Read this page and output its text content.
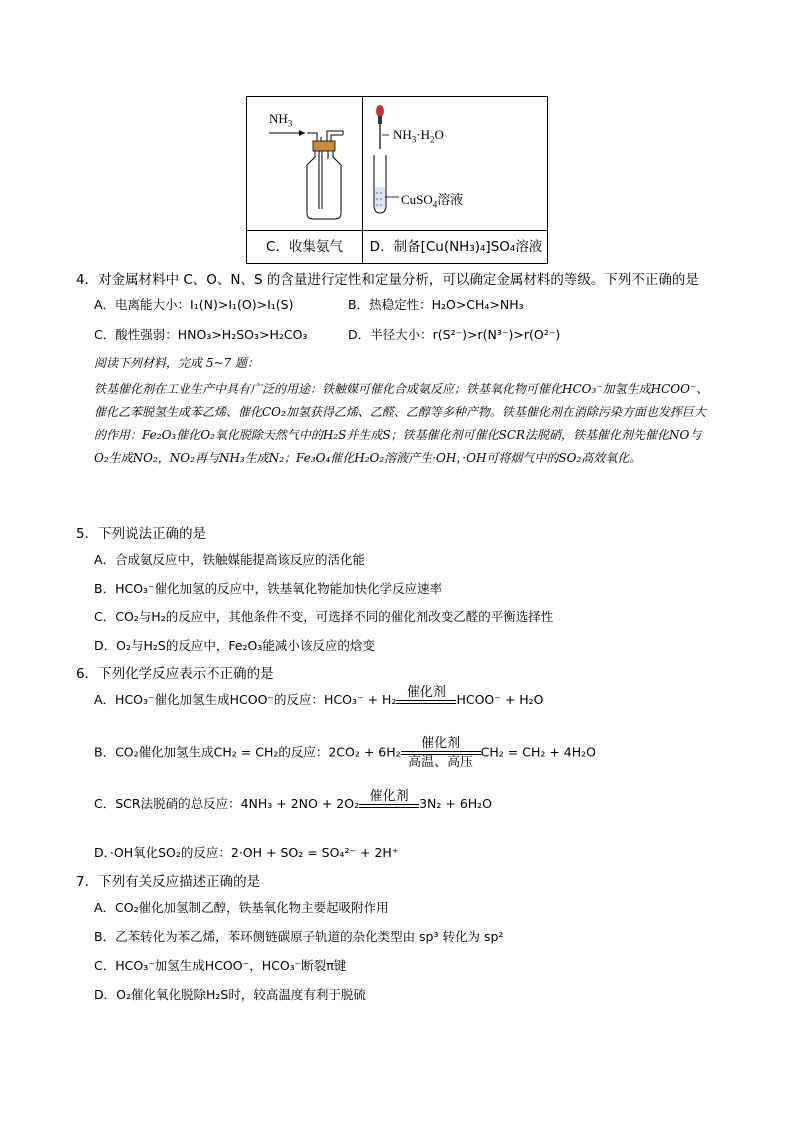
$NH_3$
C．收集氨气
$NH_3\cdot H_2O$
CuSO$_4$溶液
D．制备[Cu(NH₃)₄]SO₄溶液
4．对金属材料中 C、O、N、S 的含量进行定性和定量分析，可以确定金属材料的等级。下列不正确的是
A．电离能大小：I₁(N)>I₁(O)>I₁(S)	B．热稳定性：H₂O>CH₄>NH₃
C．酸性强弱：HNO₃>H₂SO₃>H₂CO₃	D．半径大小：r(S²⁻)>r(N³⁻)>r(O²⁻)
阅读下列材料，完成 5~7 题：
铁基催化剂在工业生产中具有广泛的用途：铁触媒可催化合成氨反应；铁基氧化物可催化HCO₃⁻加氢生成HCOO⁻、催化乙苯脱氢生成苯乙烯、催化CO₂加氢获得乙烯、乙醛、乙醇等多种产物。铁基催化剂在消除污染方面也发挥巨大的作用：Fe₂O₃催化O₂氧化脱除天然气中的H₂S并生成S；铁基催化剂可催化SCR法脱硝，铁基催化剂先催化NO与O₂生成NO₂，NO₂再与NH₃生成N₂；Fe₃O₄催化H₂O₂溶液产生·OH，·OH可将烟气中的SO₂高效氧化。
5．下列说法正确的是
A．合成氨反应中，铁触媒能提高该反应的活化能
B．HCO₃⁻催化加氢的反应中，铁基氧化物能加快化学反应速率
C．CO₂与H₂的反应中，其他条件不变，可选择不同的催化剂改变乙醛的平衡选择性
D．O₂与H₂S的反应中，Fe₂O₃能减小该反应的焓变
6．下列化学反应表示不正确的是
A．HCO₃⁻催化加氢生成HCOO⁻的反应：HCO₃⁻ + H₂ 催化剂 HCOO⁻ + H₂O
B．CO₂催化加氢生成CH₂ = CH₂的反应：2CO₂ + 6H₂
催化剂
高温、高压
CH₂ = CH₂ + 4H₂O
C．SCR法脱硝的总反应：4NH₃ + 2NO + 2O₂ 催化剂 3N₂ + 6H₂O
D．·OH氧化SO₂的反应：2·OH + SO₂ = SO₄²⁻ + 2H⁺
7．下列有关反应描述正确的是
A．CO₂催化加氢制乙醇，铁基氧化物主要起吸附作用
B．乙苯转化为苯乙烯，苯环侧链碳原子轨道的杂化类型由 sp³ 转化为 sp²
C．HCO₃⁻加氢生成HCOO⁻，HCO₃⁻断裂π键
D．O₂催化氧化脱除H₂S时，较高温度有利于脱硫
